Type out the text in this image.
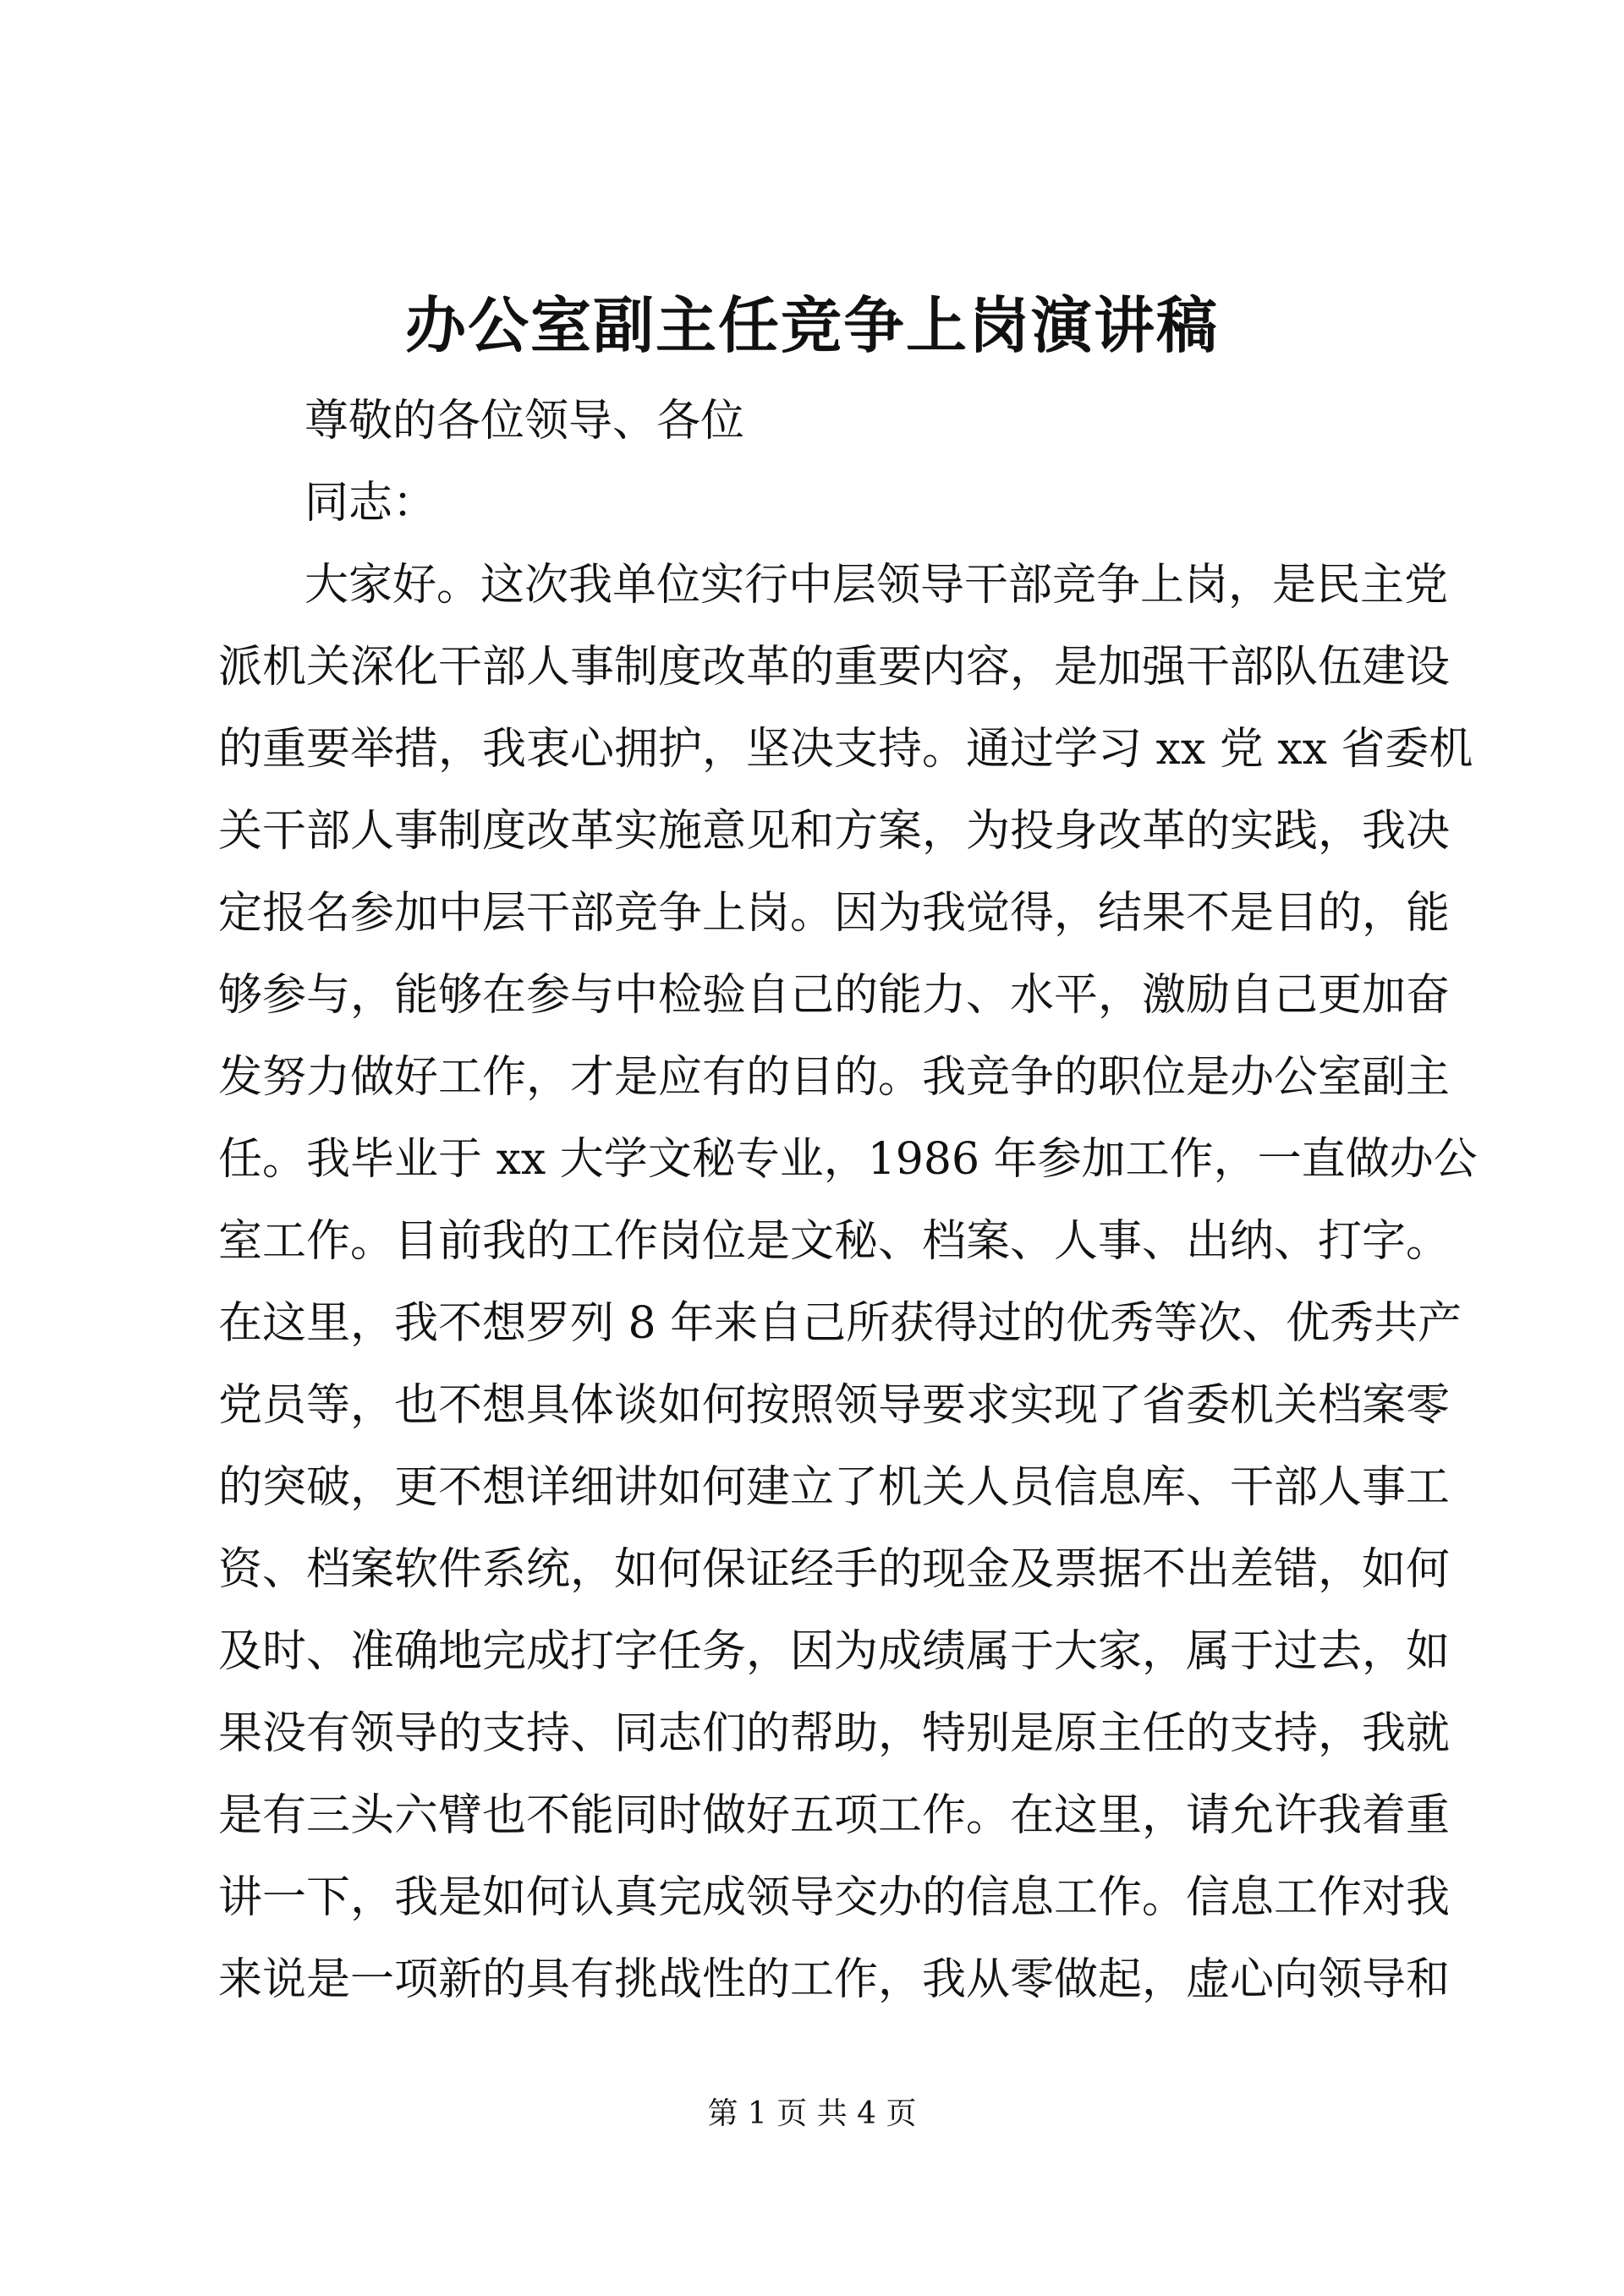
办公室副主任竞争上岗演讲稿
尊敬的各位领导、各位
同志：
大家好。这次我单位实行中层领导干部竞争上岗，是民主党
派机关深化干部人事制度改革的重要内容，是加强干部队伍建设
的重要举措，我衷心拥护，坚决支持。通过学习 xx 党 xx 省委机
关干部人事制度改革实施意见和方案，为投身改革的实践，我决
定报名参加中层干部竞争上岗。因为我觉得，结果不是目的，能
够参与，能够在参与中检验自己的能力、水平，激励自己更加奋
发努力做好工作，才是应有的目的。我竞争的职位是办公室副主
任。我毕业于 xx 大学文秘专业，1986 年参加工作，一直做办公
室工作。目前我的工作岗位是文秘、档案、人事、出纳、打字。
在这里，我不想罗列 8 年来自己所获得过的优秀等次、优秀共产
党员等，也不想具体谈如何按照领导要求实现了省委机关档案零
的突破，更不想详细讲如何建立了机关人员信息库、干部人事工
资、档案软件系统，如何保证经手的现金及票据不出差错，如何
及时、准确地完成打字任务，因为成绩属于大家，属于过去，如
果没有领导的支持、同志们的帮助，特别是原主任的支持，我就
是有三头六臂也不能同时做好五项工作。在这里，请允许我着重
讲一下，我是如何认真完成领导交办的信息工作。信息工作对我
来说是一项新的具有挑战性的工作，我从零做起，虚心向领导和
第 1 页 共 4 页
